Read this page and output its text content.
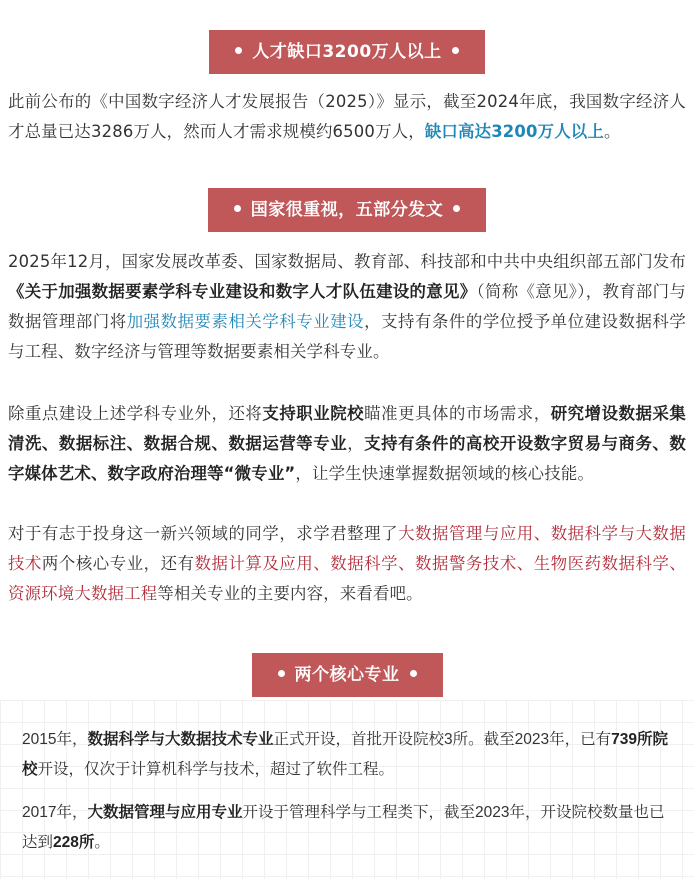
人才缺口3200万人以上
此前公布的《中国数字经济人才发展报告（2025）》显示，截至2024年底，我国数字经济人才总量已达3286万人，然而人才需求规模约6500万人，缺口高达3200万人以上。
国家很重视，五部分发文
2025年12月，国家发展改革委、国家数据局、教育部、科技部和中共中央组织部五部门发布《关于加强数据要素学科专业建设和数字人才队伍建设的意见》（简称《意见》），教育部门与数据管理部门将加强数据要素相关学科专业建设，支持有条件的学位授予单位建设数据科学与工程、数字经济与管理等数据要素相关学科专业。
除重点建设上述学科专业外，还将支持职业院校瞄准更具体的市场需求，研究增设数据采集清洗、数据标注、数据合规、数据运营等专业，支持有条件的高校开设数字贸易与商务、数字媒体艺术、数字政府治理等“微专业”，让学生快速掌握数据领域的核心技能。
对于有志于投身这一新兴领域的同学，求学君整理了大数据管理与应用、数据科学与大数据技术两个核心专业，还有数据计算及应用、数据科学、数据警务技术、生物医药数据科学、资源环境大数据工程等相关专业的主要内容，来看看吧。
两个核心专业
2015年，数据科学与大数据技术专业正式开设，首批开设院校3所。截至2023年，已有739所院校开设，仅次于计算机科学与技术，超过了软件工程。
2017年，大数据管理与应用专业开设于管理科学与工程类下，截至2023年，开设院校数量也已达到228所。
